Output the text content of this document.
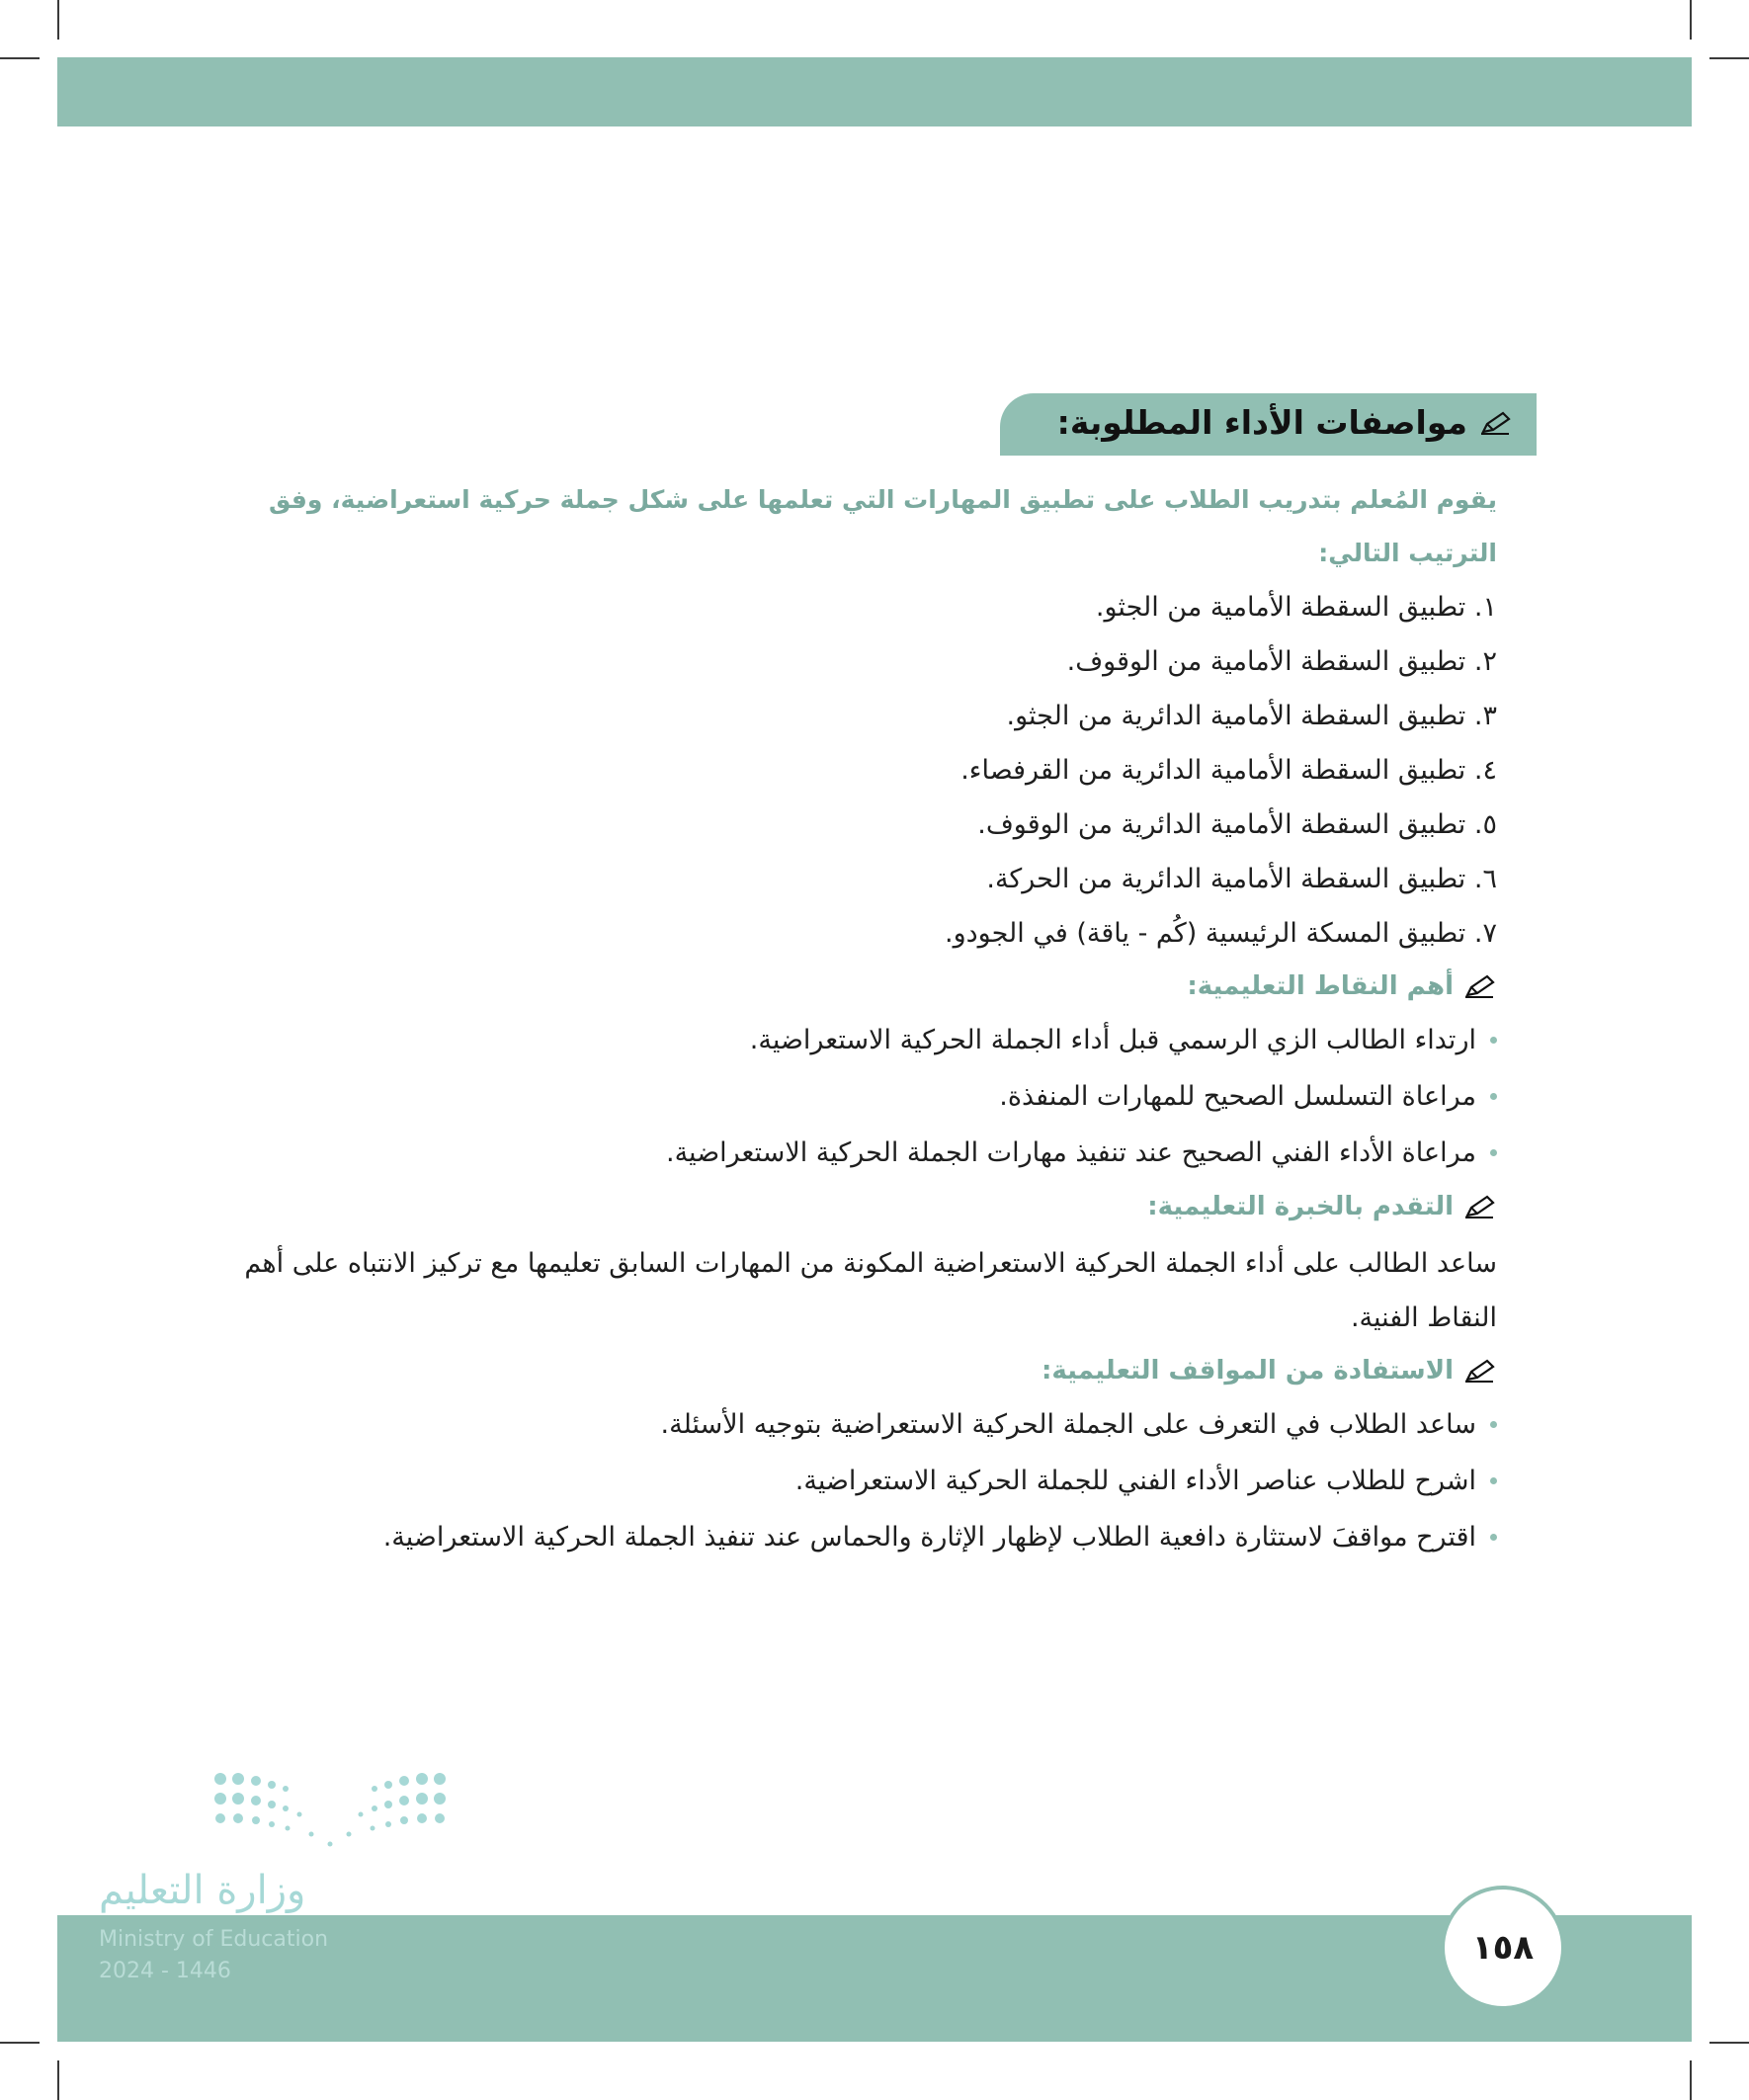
١٥٨
مواصفات الأداء المطلوبة:
يقوم المُعلم بتدريب الطلاب على تطبيق المهارات التي تعلمها على شكل جملة حركية استعراضية، وفق الترتيب التالي:
١. تطبيق السقطة الأمامية من الجثو.
٢. تطبيق السقطة الأمامية من الوقوف.
٣. تطبيق السقطة الأمامية الدائرية من الجثو.
٤. تطبيق السقطة الأمامية الدائرية من القرفصاء.
٥. تطبيق السقطة الأمامية الدائرية من الوقوف.
٦. تطبيق السقطة الأمامية الدائرية من الحركة.
٧. تطبيق المسكة الرئيسية (كُم - ياقة) في الجودو.
أهم النقاط التعليمية:
ارتداء الطالب الزي الرسمي قبل أداء الجملة الحركية الاستعراضية.
مراعاة التسلسل الصحيح للمهارات المنفذة.
مراعاة الأداء الفني الصحيح عند تنفيذ مهارات الجملة الحركية الاستعراضية.
التقدم بالخبرة التعليمية:
ساعد الطالب على أداء الجملة الحركية الاستعراضية المكونة من المهارات السابق تعليمها مع تركيز الانتباه على أهم النقاط الفنية.
الاستفادة من المواقف التعليمية:
ساعد الطلاب في التعرف على الجملة الحركية الاستعراضية بتوجيه الأسئلة.
اشرح للطلاب عناصر الأداء الفني للجملة الحركية الاستعراضية.
اقترح مواقفَ لاستثارة دافعية الطلاب لإظهار الإثارة والحماس عند تنفيذ الجملة الحركية الاستعراضية.
وزارة التعليم
Ministry of Education
2024 - 1446
